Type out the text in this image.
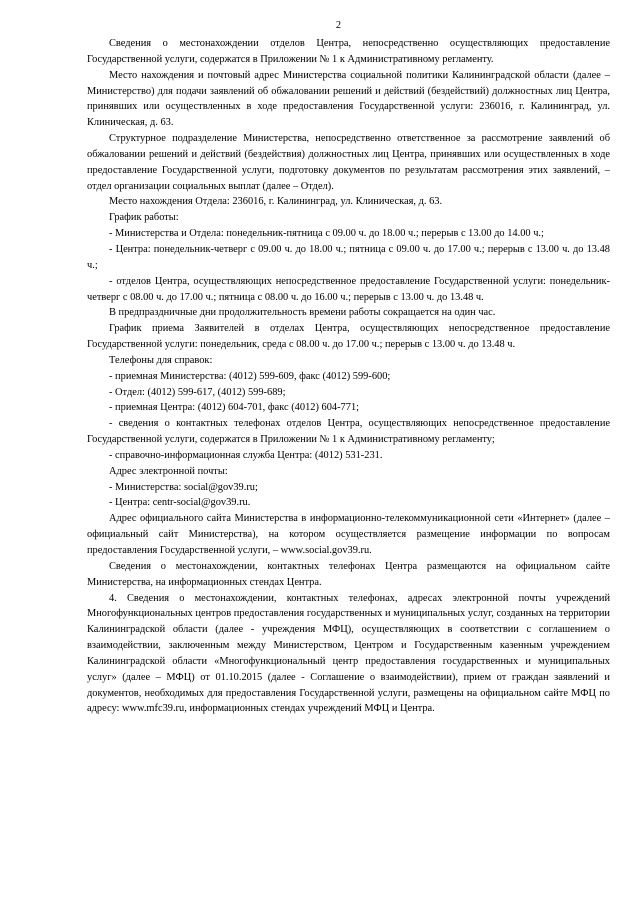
2

Сведения о местонахождении отделов Центра, непосредственно осуществляющих предоставление Государственной услуги, содержатся в Приложении № 1 к Административному регламенту.

Место нахождения и почтовый адрес Министерства социальной политики Калининградской области (далее – Министерство) для подачи заявлений об обжаловании решений и действий (бездействий) должностных лиц Центра, принявших или осуществленных в ходе предоставления Государственной услуги: 236016, г. Калининград, ул. Клиническая, д. 63.

Структурное подразделение Министерства, непосредственно ответственное за рассмотрение заявлений об обжаловании решений и действий (бездействия) должностных лиц Центра, принявших или осуществленных в ходе предоставление Государственной услуги, подготовку документов по результатам рассмотрения этих заявлений, – отдел организации социальных выплат (далее – Отдел).

Место нахождения Отдела: 236016, г. Калининград, ул. Клиническая, д. 63.

График работы:

- Министерства и Отдела: понедельник-пятница с 09.00 ч. до 18.00 ч.; перерыв с 13.00 до 14.00 ч.;

- Центра: понедельник-четверг с 09.00 ч. до 18.00 ч.; пятница с 09.00 ч. до 17.00 ч.; перерыв с 13.00 ч. до 13.48 ч.;

- отделов Центра, осуществляющих непосредственное предоставление Государственной услуги: понедельник-четверг с 08.00 ч. до 17.00 ч.; пятница с 08.00 ч. до 16.00 ч.; перерыв с 13.00 ч. до 13.48 ч.

В предпраздничные дни продолжительность времени работы сокращается на один час.

График приема Заявителей в отделах Центра, осуществляющих непосредственное предоставление Государственной услуги: понедельник, среда с 08.00 ч. до 17.00 ч.; перерыв с 13.00 ч. до 13.48 ч.

Телефоны для справок:

- приемная Министерства: (4012) 599-609, факс (4012) 599-600;

- Отдел: (4012) 599-617, (4012) 599-689;

- приемная Центра: (4012) 604-701, факс (4012) 604-771;

- сведения о контактных телефонах отделов Центра, осуществляющих непосредственное предоставление Государственной услуги, содержатся в Приложении № 1 к Административному регламенту;

- справочно-информационная служба Центра: (4012) 531-231.

Адрес электронной почты:

- Министерства: social@gov39.ru;

- Центра: centr-social@gov39.ru.

Адрес официального сайта Министерства в информационно-телекоммуникационной сети «Интернет» (далее – официальный сайт Министерства), на котором осуществляется размещение информации по вопросам предоставления Государственной услуги, – www.social.gov39.ru.

Сведения о местонахождении, контактных телефонах Центра размещаются на официальном сайте Министерства, на информационных стендах Центра.

4. Сведения о местонахождении, контактных телефонах, адресах электронной почты учреждений Многофункциональных центров предоставления государственных и муниципальных услуг, созданных на территории Калининградской области (далее - учреждения МФЦ), осуществляющих в соответствии с соглашением о взаимодействии, заключенным между Министерством, Центром и Государственным казенным учреждением Калининградской области «Многофункциональный центр предоставления государственных и муниципальных услуг» (далее – МФЦ) от 01.10.2015 (далее - Соглашение о взаимодействии), прием от граждан заявлений и документов, необходимых для предоставления Государственной услуги, размещены на официальном сайте МФЦ по адресу: www.mfc39.ru, информационных стендах учреждений МФЦ и Центра.
